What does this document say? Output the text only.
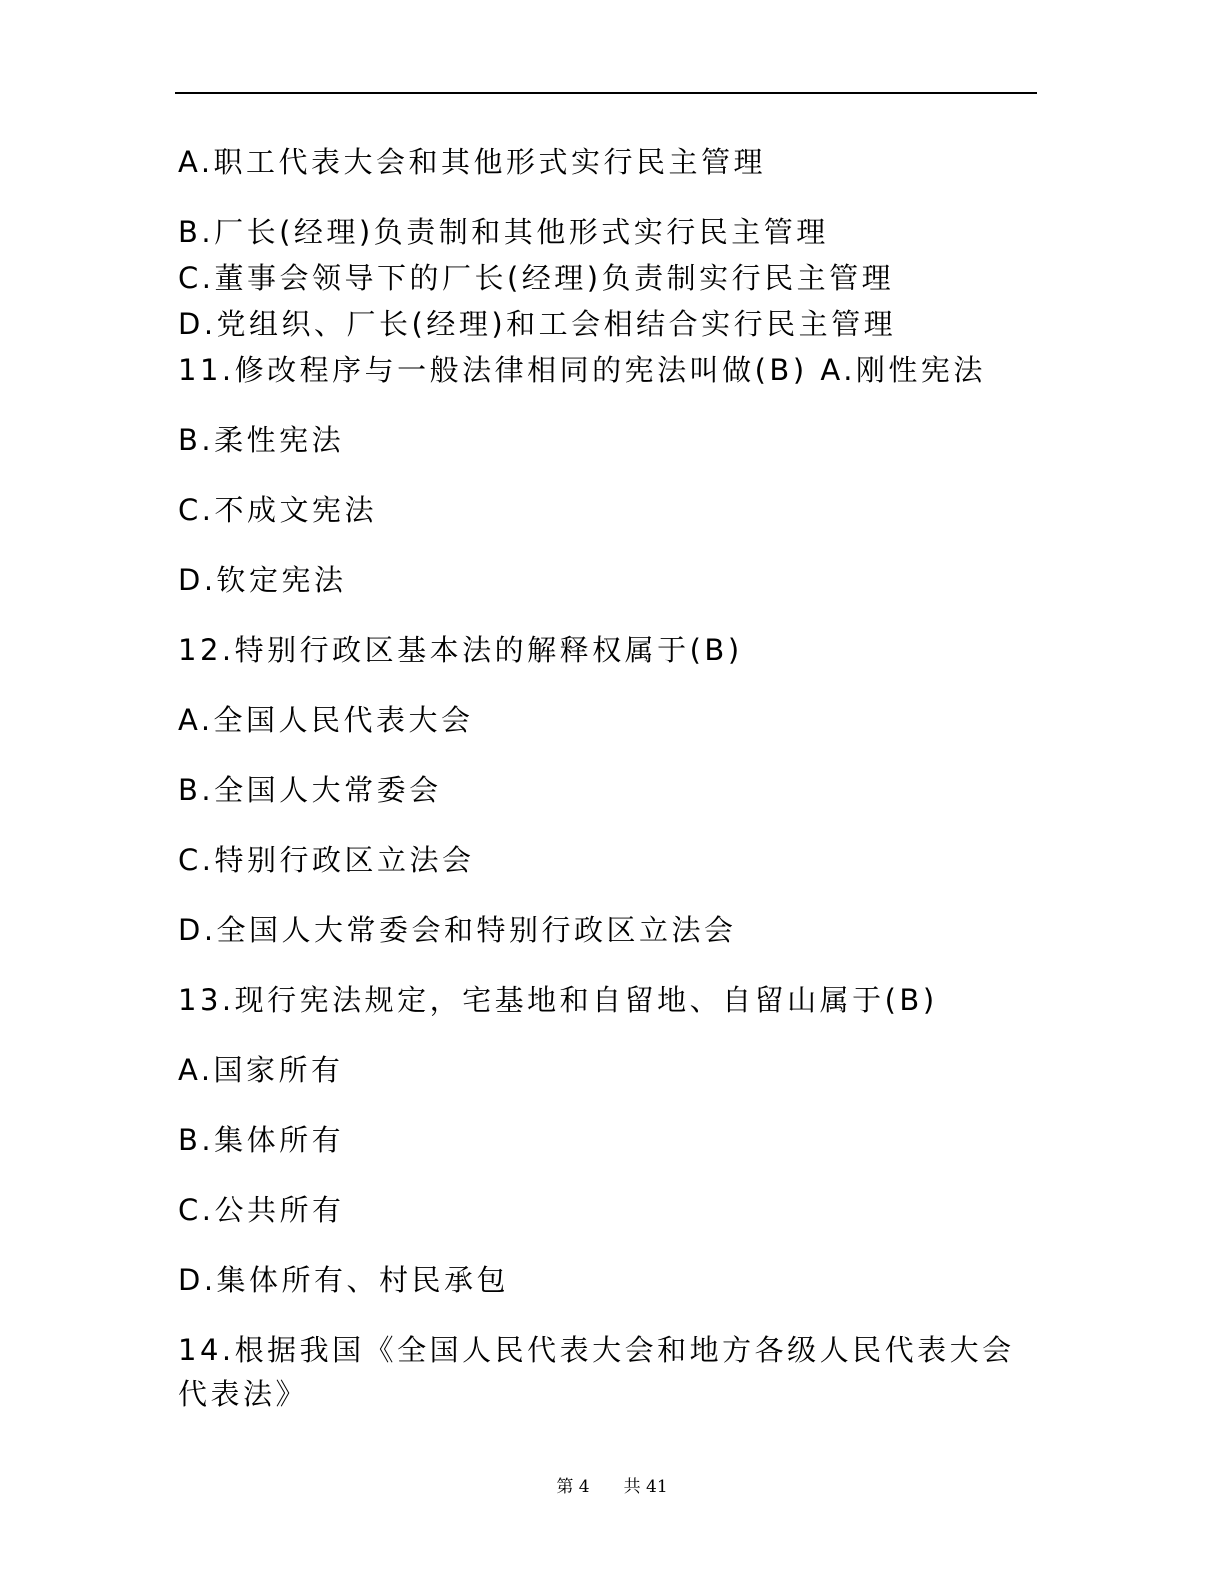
A.职工代表大会和其他形式实行民主管理
B.厂长(经理)负责制和其他形式实行民主管理
C.董事会领导下的厂长(经理)负责制实行民主管理
D.党组织、厂长(经理)和工会相结合实行民主管理
11.修改程序与一般法律相同的宪法叫做(B) A.刚性宪法
B.柔性宪法
C.不成文宪法
D.钦定宪法
12.特别行政区基本法的解释权属于(B)
A.全国人民代表大会
B.全国人大常委会
C.特别行政区立法会
D.全国人大常委会和特别行政区立法会
13.现行宪法规定，宅基地和自留地、自留山属于(B)
A.国家所有
B.集体所有
C.公共所有
D.集体所有、村民承包
14.根据我国《全国人民代表大会和地方各级人民代表大会
代表法》
第 4 共 41
